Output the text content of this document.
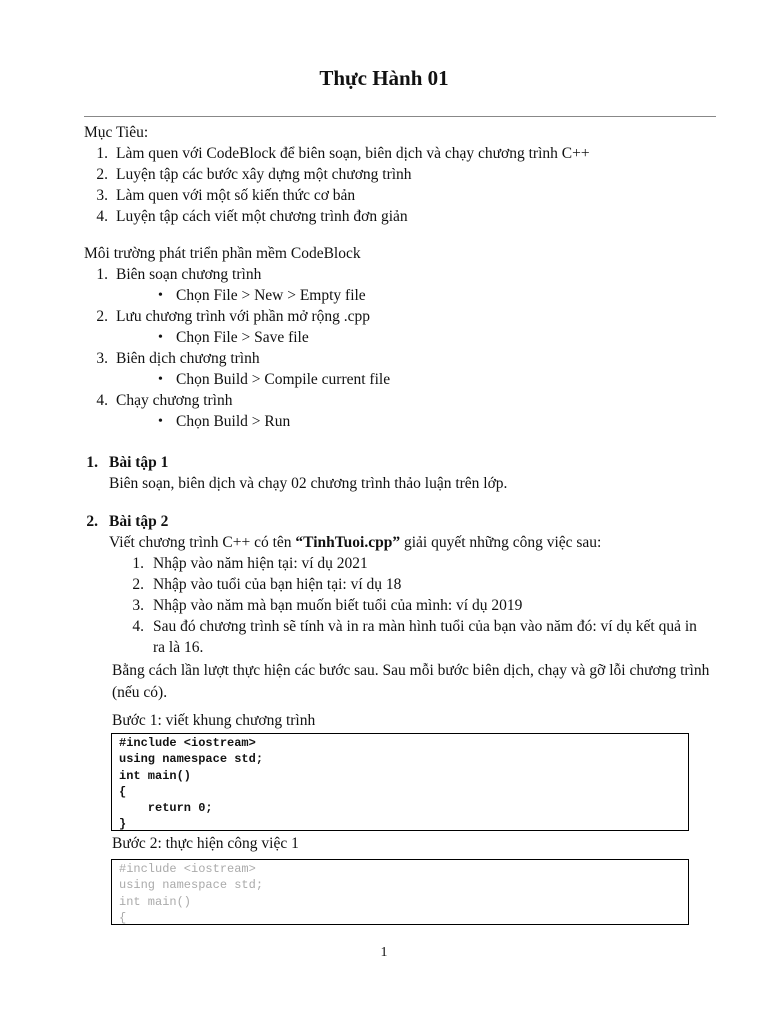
Thực Hành 01
Mục Tiêu:
1. Làm quen với CodeBlock để biên soạn, biên dịch và chạy chương trình C++
2. Luyện tập các bước xây dựng một chương trình
3. Làm quen với một số kiến thức cơ bản
4. Luyện tập cách viết một chương trình đơn giản
Môi trường phát triển phần mềm CodeBlock
1. Biên soạn chương trình
• Chọn File > New > Empty file
2. Lưu chương trình với phần mở rộng .cpp
• Chọn File > Save file
3. Biên dịch chương trình
• Chọn Build > Compile current file
4. Chạy chương trình
• Chọn Build > Run
1. Bài tập 1
Biên soạn, biên dịch và chạy 02 chương trình thảo luận trên lớp.
2. Bài tập 2
Viết chương trình C++ có tên “TinhTuoi.cpp” giải quyết những công việc sau:
1. Nhập vào năm hiện tại: ví dụ 2021
2. Nhập vào tuổi của bạn hiện tại: ví dụ 18
3. Nhập vào năm mà bạn muốn biết tuổi của mình: ví dụ 2019
4. Sau đó chương trình sẽ tính và in ra màn hình tuổi của bạn vào năm đó: ví dụ kết quả in ra là 16.
Bằng cách lần lượt thực hiện các bước sau. Sau mỗi bước biên dịch, chạy và gỡ lỗi chương trình (nếu có).
Bước 1: viết khung chương trình
#include <iostream>
using namespace std;
int main()
{
return 0;
}
Bước 2: thực hiện công việc 1
#include <iostream>
using namespace std;
int main()
{
1
